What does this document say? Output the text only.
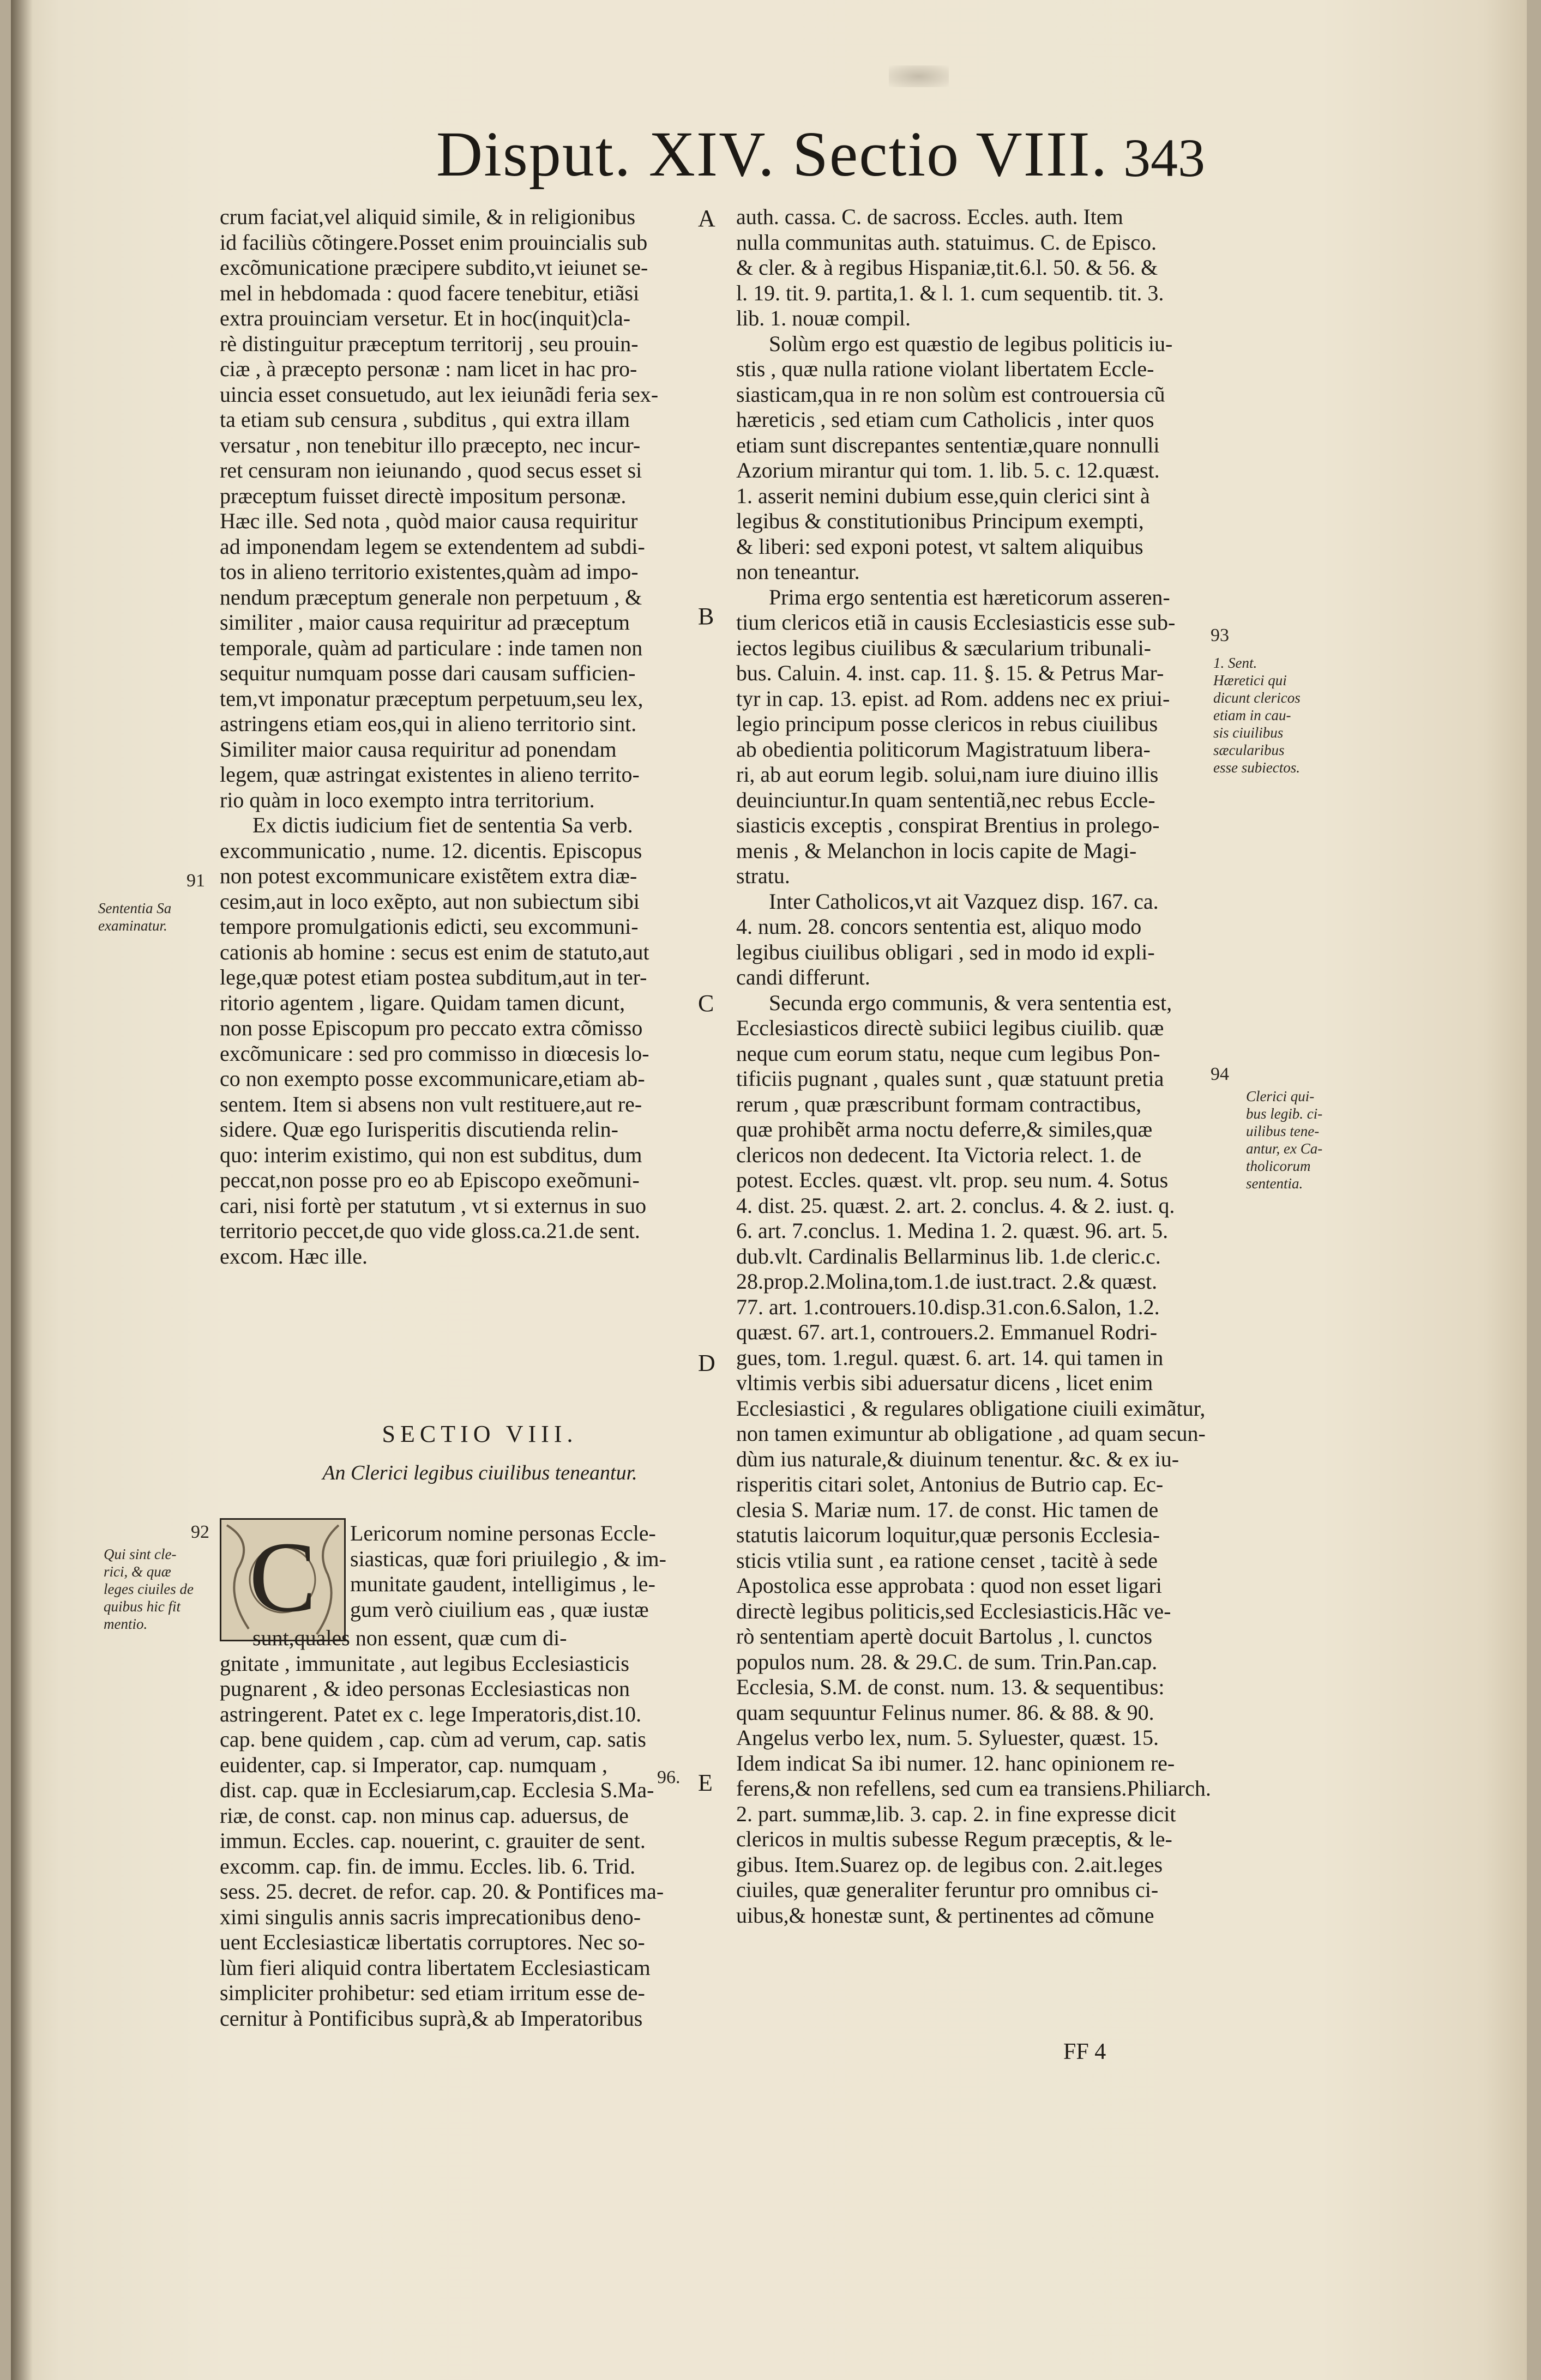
Disput. XIV. Sectio VIII. 343
crum faciat,vel aliquid simile, & in religionibus
id faciliùs cõtingere.Posset enim prouincialis sub
excõmunicatione præcipere subdito,vt ieiunet se-
mel in hebdomada : quod facere tenebitur, etiãsi
extra prouinciam versetur. Et in hoc(inquit)cla-
rè distinguitur præceptum territorij , seu prouin-
ciæ , à præcepto personæ : nam licet in hac pro-
uincia esset consuetudo, aut lex ieiunãdi feria sex-
ta etiam sub censura , subditus , qui extra illam
versatur , non tenebitur illo præcepto, nec incur-
ret censuram non ieiunando , quod secus esset si
præceptum fuisset directè impositum personæ.
Hæc ille. Sed nota , quòd maior causa requiritur
ad imponendam legem se extendentem ad subdi-
tos in alieno territorio existentes,quàm ad impo-
nendum præceptum generale non perpetuum , &
similiter , maior causa requiritur ad præceptum
temporale, quàm ad particulare : inde tamen non
sequitur numquam posse dari causam sufficien-
tem,vt imponatur præceptum perpetuum,seu lex,
astringens etiam eos,qui in alieno territorio sint.
Similiter maior causa requiritur ad ponendam
legem, quæ astringat existentes in alieno territo-
rio quàm in loco exempto intra territorium.
Ex dictis iudicium fiet de sententia Sa verb.
excommunicatio , nume. 12. dicentis. Episcopus
non potest excommunicare existẽtem extra diæ-
cesim,aut in loco exẽpto, aut non subiectum sibi
tempore promulgationis edicti, seu excommuni-
cationis ab homine : secus est enim de statuto,aut
lege,quæ potest etiam postea subditum,aut in ter-
ritorio agentem , ligare. Quidam tamen dicunt,
non posse Episcopum pro peccato extra cõmisso
excõmunicare : sed pro commisso in diœcesis lo-
co non exempto posse excommunicare,etiam ab-
sentem. Item si absens non vult restituere,aut re-
sidere. Quæ ego Iurisperitis discutienda relin-
quo: interim existimo, qui non est subditus, dum
peccat,non posse pro eo ab Episcopo exeõmuni-
cari, nisi fortè per statutum , vt si externus in suo
territorio peccet,de quo vide gloss.ca.21.de sent.
excom. Hæc ille.
auth. cassa. C. de sacross. Eccles. auth. Item
nulla communitas auth. statuimus. C. de Episco.
& cler. & à regibus Hispaniæ,tit.6.l. 50. & 56. &
l. 19. tit. 9. partita,1. & l. 1. cum sequentib. tit. 3.
lib. 1. nouæ compil.
Solùm ergo est quæstio de legibus politicis iu-
stis , quæ nulla ratione violant libertatem Eccle-
siasticam,qua in re non solùm est controuersia cũ
hæreticis , sed etiam cum Catholicis , inter quos
etiam sunt discrepantes sententiæ,quare nonnulli
Azorium mirantur qui tom. 1. lib. 5. c. 12.quæst.
1. asserit nemini dubium esse,quin clerici sint à
legibus & constitutionibus Principum exempti,
& liberi: sed exponi potest, vt saltem aliquibus
non teneantur.
Prima ergo sententia est hæreticorum asseren-
tium clericos etiã in causis Ecclesiasticis esse sub-
iectos legibus ciuilibus & sæcularium tribunali-
bus. Caluin. 4. inst. cap. 11. §. 15. & Petrus Mar-
tyr in cap. 13. epist. ad Rom. addens nec ex priui-
legio principum posse clericos in rebus ciuilibus
ab obedientia politicorum Magistratuum libera-
ri, ab aut eorum legib. solui,nam iure diuino illis
deuinciuntur.In quam sententiã,nec rebus Eccle-
siasticis exceptis , conspirat Brentius in prolego-
menis , & Melanchon in locis capite de Magi-
stratu.
Inter Catholicos,vt ait Vazquez disp. 167. ca.
4. num. 28. concors sententia est, aliquo modo
legibus ciuilibus obligari , sed in modo id expli-
candi differunt.
Secunda ergo communis, & vera sententia est,
Ecclesiasticos directè subiici legibus ciuilib. quæ
neque cum eorum statu, neque cum legibus Pon-
tificiis pugnant , quales sunt , quæ statuunt pretia
rerum , quæ præscribunt formam contractibus,
quæ prohibẽt arma noctu deferre,& similes,quæ
clericos non dedecent. Ita Victoria relect. 1. de
potest. Eccles. quæst. vlt. prop. seu num. 4. Sotus
4. dist. 25. quæst. 2. art. 2. conclus. 4. & 2. iust. q.
6. art. 7.conclus. 1. Medina 1. 2. quæst. 96. art. 5.
dub.vlt. Cardinalis Bellarminus lib. 1.de cleric.c.
28.prop.2.Molina,tom.1.de iust.tract. 2.& quæst.
77. art. 1.controuers.10.disp.31.con.6.Salon, 1.2.
quæst. 67. art.1, controuers.2. Emmanuel Rodri-
gues, tom. 1.regul. quæst. 6. art. 14. qui tamen in
vltimis verbis sibi aduersatur dicens , licet enim
Ecclesiastici , & regulares obligatione ciuili eximãtur,
non tamen eximuntur ab obligatione , ad quam secun-
dùm ius naturale,& diuinum tenentur. &c. & ex iu-
risperitis citari solet, Antonius de Butrio cap. Ec-
clesia S. Mariæ num. 17. de const. Hic tamen de
statutis laicorum loquitur,quæ personis Ecclesia-
sticis vtilia sunt , ea ratione censet , tacitè à sede
Apostolica esse approbata : quod non esset ligari
directè legibus politicis,sed Ecclesiasticis.Hãc ve-
rò sententiam apertè docuit Bartolus , l. cunctos
populos num. 28. & 29.C. de sum. Trin.Pan.cap.
Ecclesia, S.M. de const. num. 13. & sequentibus:
quam sequuntur Felinus numer. 86. & 88. & 90.
Angelus verbo lex, num. 5. Syluester, quæst. 15.
Idem indicat Sa ibi numer. 12. hanc opinionem re-
ferens,& non refellens, sed cum ea transiens.Philiarch.
2. part. summæ,lib. 3. cap. 2. in fine expresse dicit
clericos in multis subesse Regum præceptis, & le-
gibus. Item.Suarez op. de legibus con. 2.ait.leges
ciuiles, quæ generaliter feruntur pro omnibus ci-
uibus,& honestæ sunt, & pertinentes ad cõmune
A
B
C
D
E
91
Sententia Sa
examinatur.
92
Qui sint cle-
rici, & quæ
leges ciuiles de
quibus hic fit
mentio.
96.
93
1. Sent.
Hæretici qui
dicunt clericos
etiam in cau-
sis ciuilibus
sæcularibus
esse subiectos.
94
Clerici qui-
bus legib. ci-
uilibus tene-
antur, ex Ca-
tholicorum
sententia.
SECTIO VIII.
An Clerici legibus ciuilibus teneantur.
C	Lericorum nomine personas Eccle-
siasticas, quæ fori priuilegio , & im-
munitate gaudent, intelligimus , le-
gum verò ciuilium eas , quæ iustæ
sunt,quales non essent, quæ cum di-
gnitate , immunitate , aut legibus Ecclesiasticis
pugnarent , & ideo personas Ecclesiasticas non
astringerent. Patet ex c. lege Imperatoris,dist.10.
cap. bene quidem , cap. cùm ad verum, cap. satis
euidenter, cap. si Imperator, cap. numquam ,
dist. cap. quæ in Ecclesiarum,cap. Ecclesia S.Ma-
riæ, de const. cap. non minus cap. aduersus, de
immun. Eccles. cap. nouerint, c. grauiter de sent.
excomm. cap. fin. de immu. Eccles. lib. 6. Trid.
sess. 25. decret. de refor. cap. 20. & Pontifices ma-
ximi singulis annis sacris imprecationibus deno-
uent Ecclesiasticæ libertatis corruptores. Nec so-
lùm fieri aliquid contra libertatem Ecclesiasticam
simpliciter prohibetur: sed etiam irritum esse de-
cernitur à Pontificibus suprà,& ab Imperatoribus
FF 4
